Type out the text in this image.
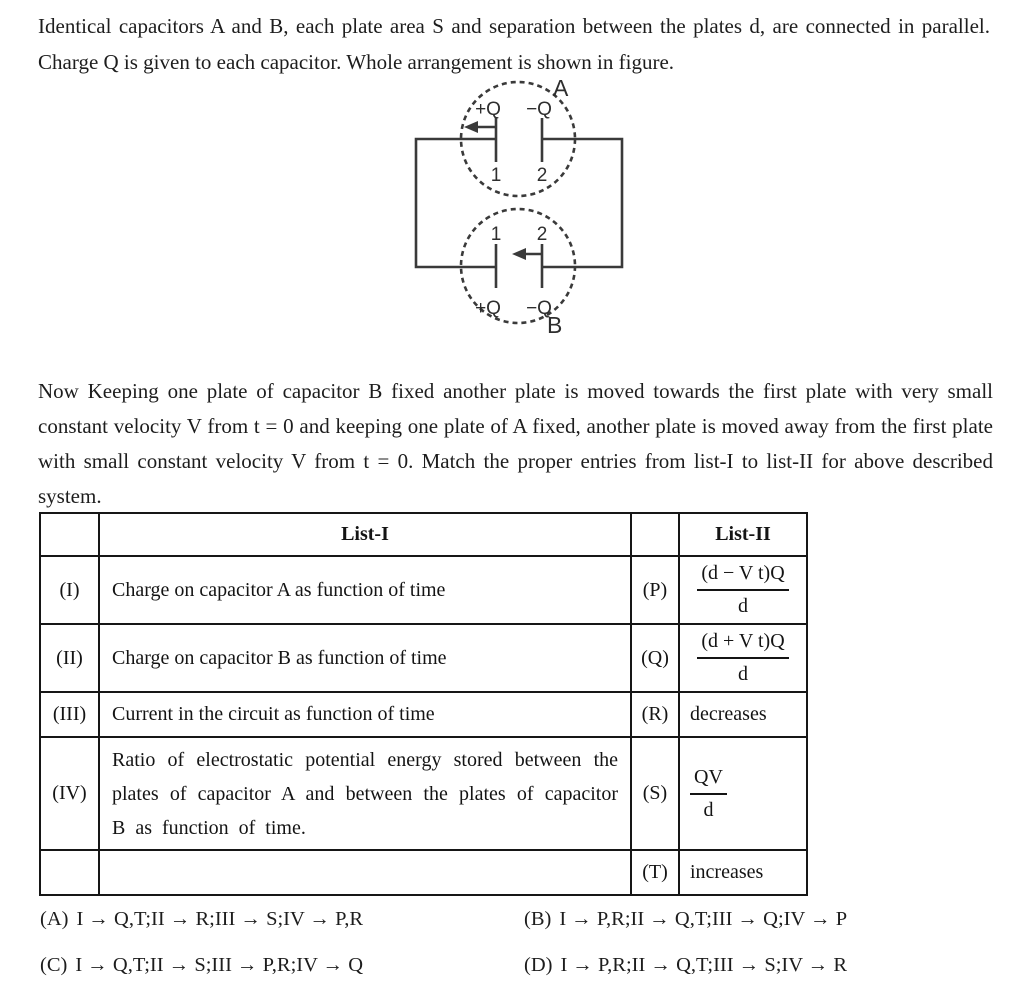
Identical capacitors A and B, each plate area S and separation between the plates d, are connected in parallel. Charge Q is given to each capacitor. Whole arrangement is shown in figure.

+Q −Q
1 2
1 2
+Q −Q
A
B

Now Keeping one plate of capacitor B fixed another plate is moved towards the first plate with very small constant velocity V from t = 0 and keeping one plate of A fixed, another plate is moved away from the first plate with small constant velocity V from t = 0. Match the proper entries from list-I to list-II for above described system.

	List-I		List-II
(I)	Charge on capacitor A as function of time	(P)	$\frac{\text{(d − V t)Q}}{d}$

(II)	Charge on capacitor B as function of time	(Q)	$\frac{\text{(d + V t)Q}}{d}$

(III)	Current in the circuit as function of time	(R)	decreases
(IV)	Ratio of electrostatic potential energy stored between the plates of capacitor A and between the plates of capacitor B as function of time.	(S)	$\frac{QV}{d}$

		(T)	increases
(A) I → Q,T;II → R;III → S;IV → P,R	(B) I → P,R;II → Q,T;III → Q;IV → P
(C) I → Q,T;II → S;III → P,R;IV → Q	(D) I → P,R;II → Q,T;III → S;IV → R
